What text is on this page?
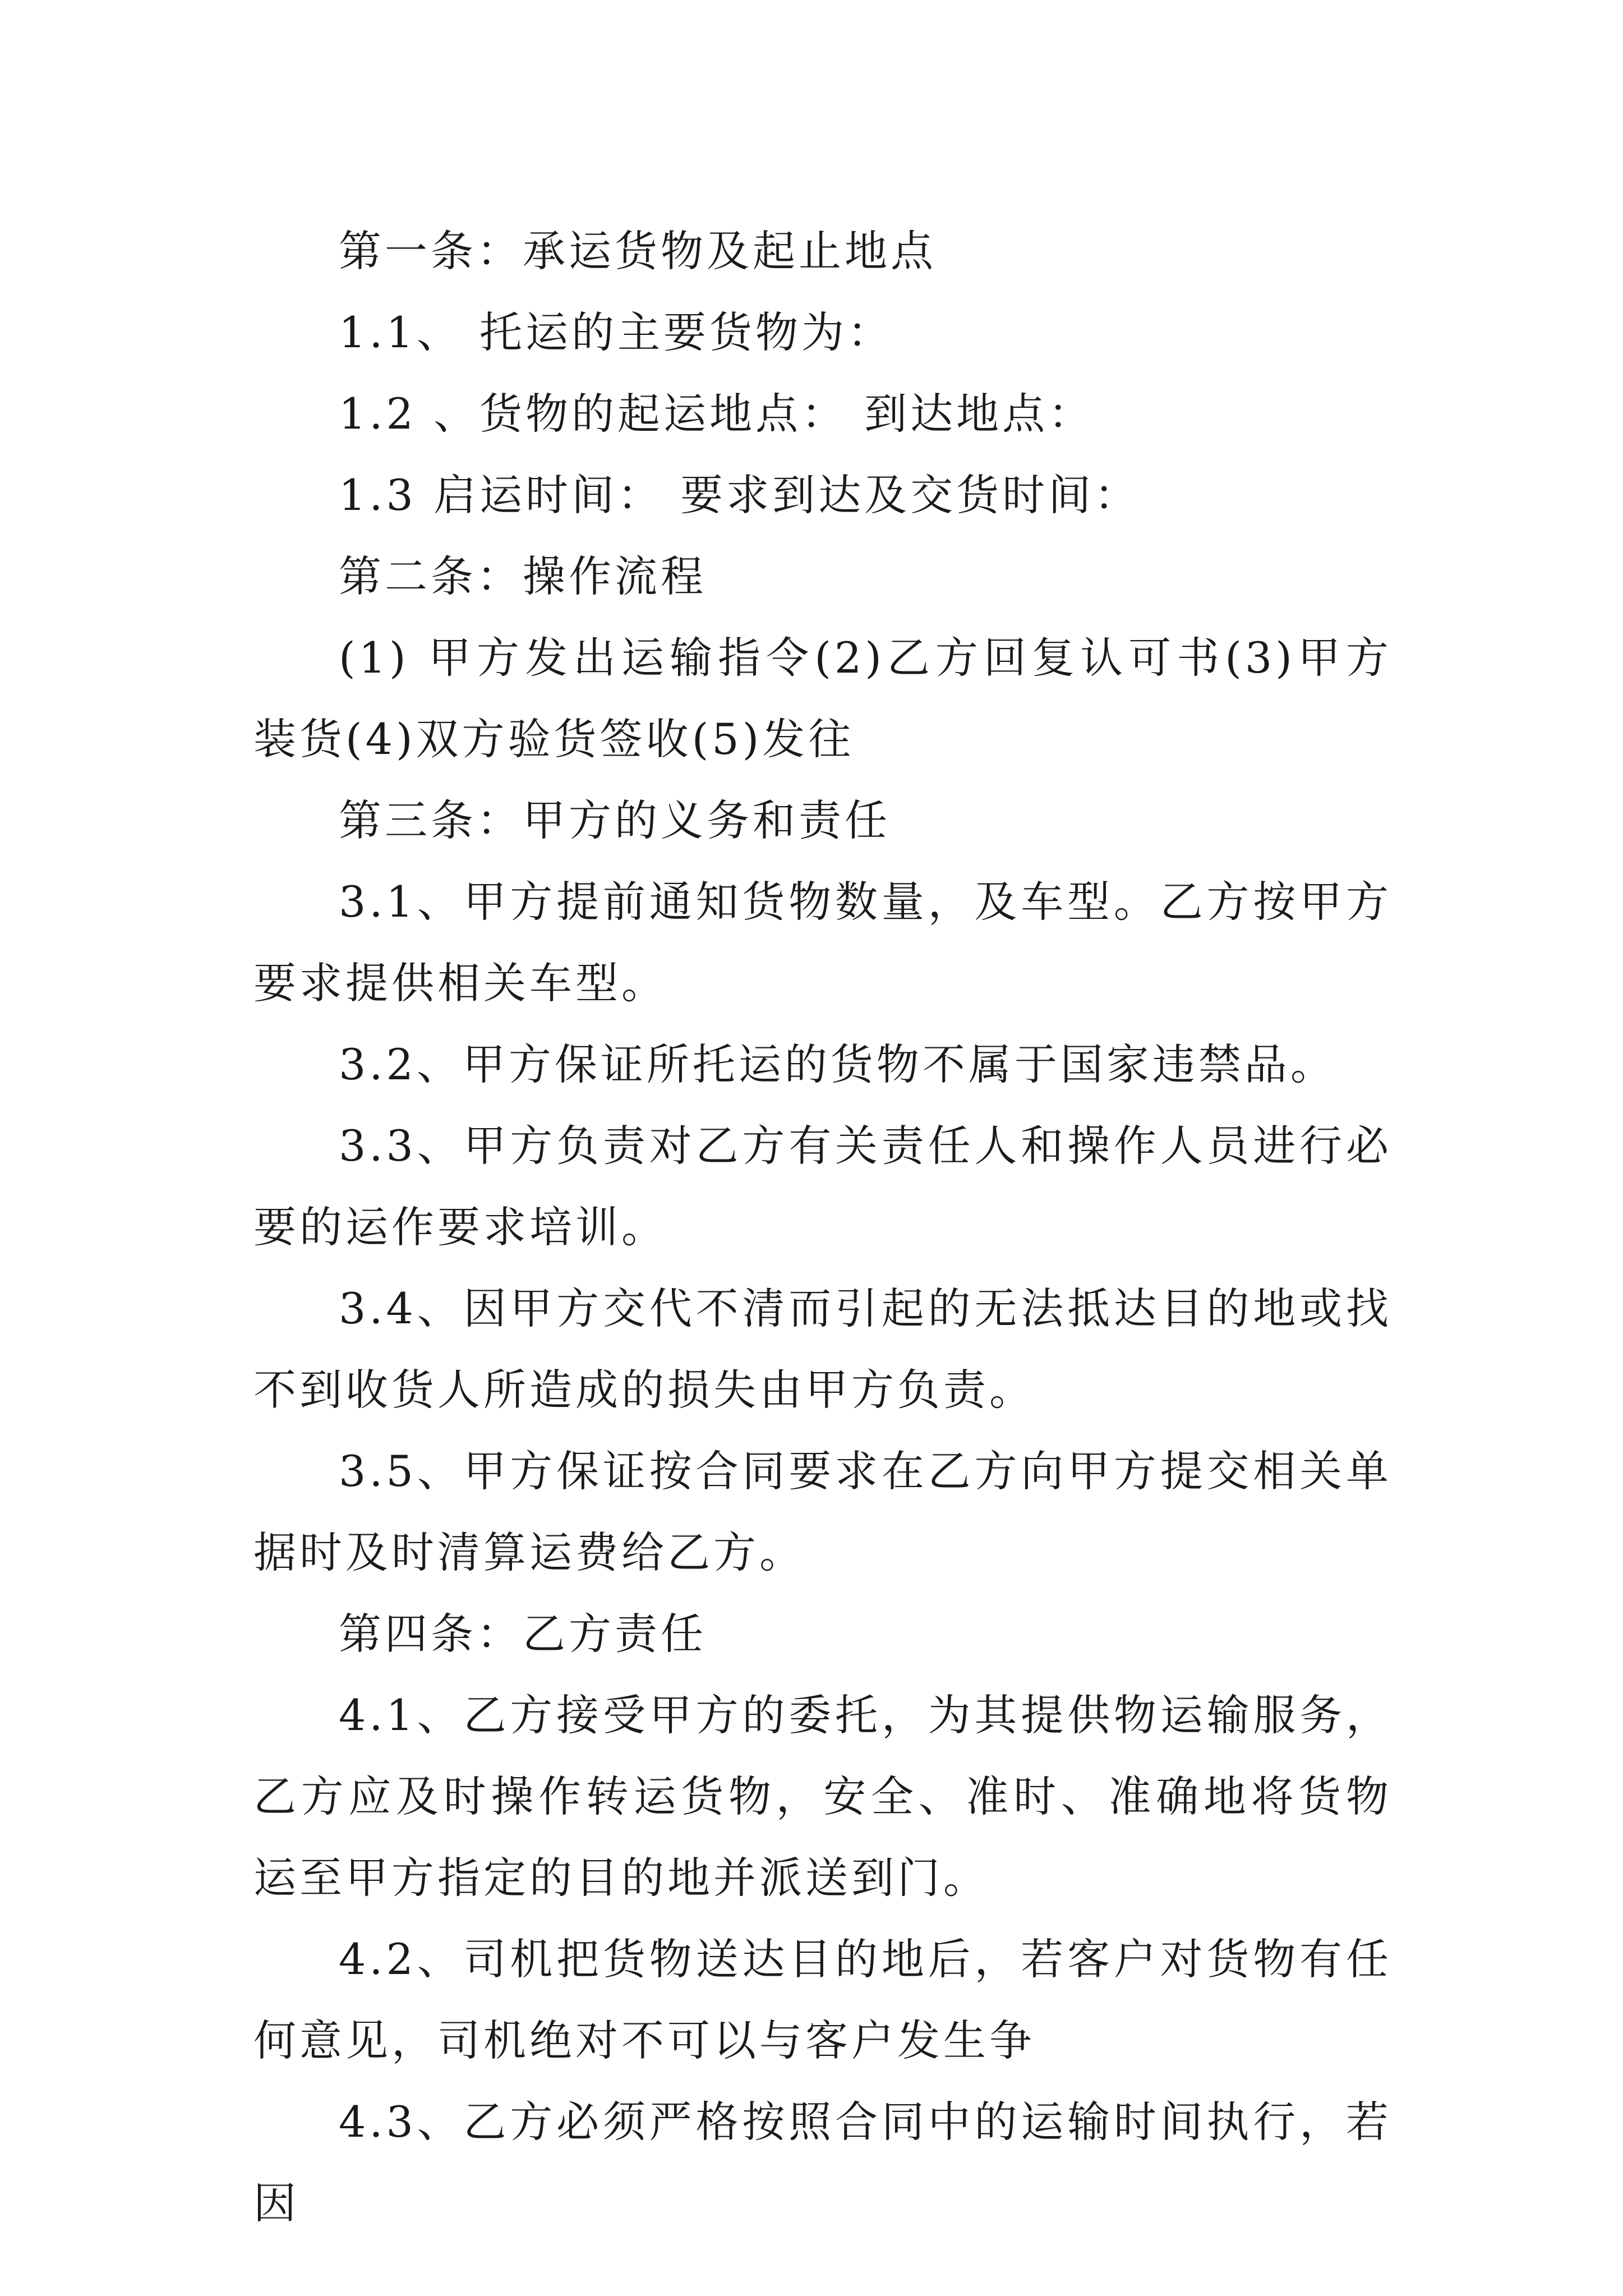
第一条：承运货物及起止地点

1.1、 托运的主要货物为：

1.2 、货物的起运地点： 到达地点：

1.3 启运时间： 要求到达及交货时间：

第二条：操作流程

(1) 甲方发出运输指令(2)乙方回复认可书(3)甲方装货(4)双方验货签收(5)发往

第三条：甲方的义务和责任

3.1、甲方提前通知货物数量，及车型。乙方按甲方要求提供相关车型。

3.2、甲方保证所托运的货物不属于国家违禁品。

3.3、甲方负责对乙方有关责任人和操作人员进行必要的运作要求培训。

3.4、因甲方交代不清而引起的无法抵达目的地或找不到收货人所造成的损失由甲方负责。

3.5、甲方保证按合同要求在乙方向甲方提交相关单据时及时清算运费给乙方。

第四条：乙方责任

4.1、乙方接受甲方的委托，为其提供物运输服务，乙方应及时操作转运货物，安全、准时、准确地将货物运至甲方指定的目的地并派送到门。

4.2、司机把货物送达目的地后，若客户对货物有任何意见，司机绝对不可以与客户发生争

4.3、乙方必须严格按照合同中的运输时间执行，若因
